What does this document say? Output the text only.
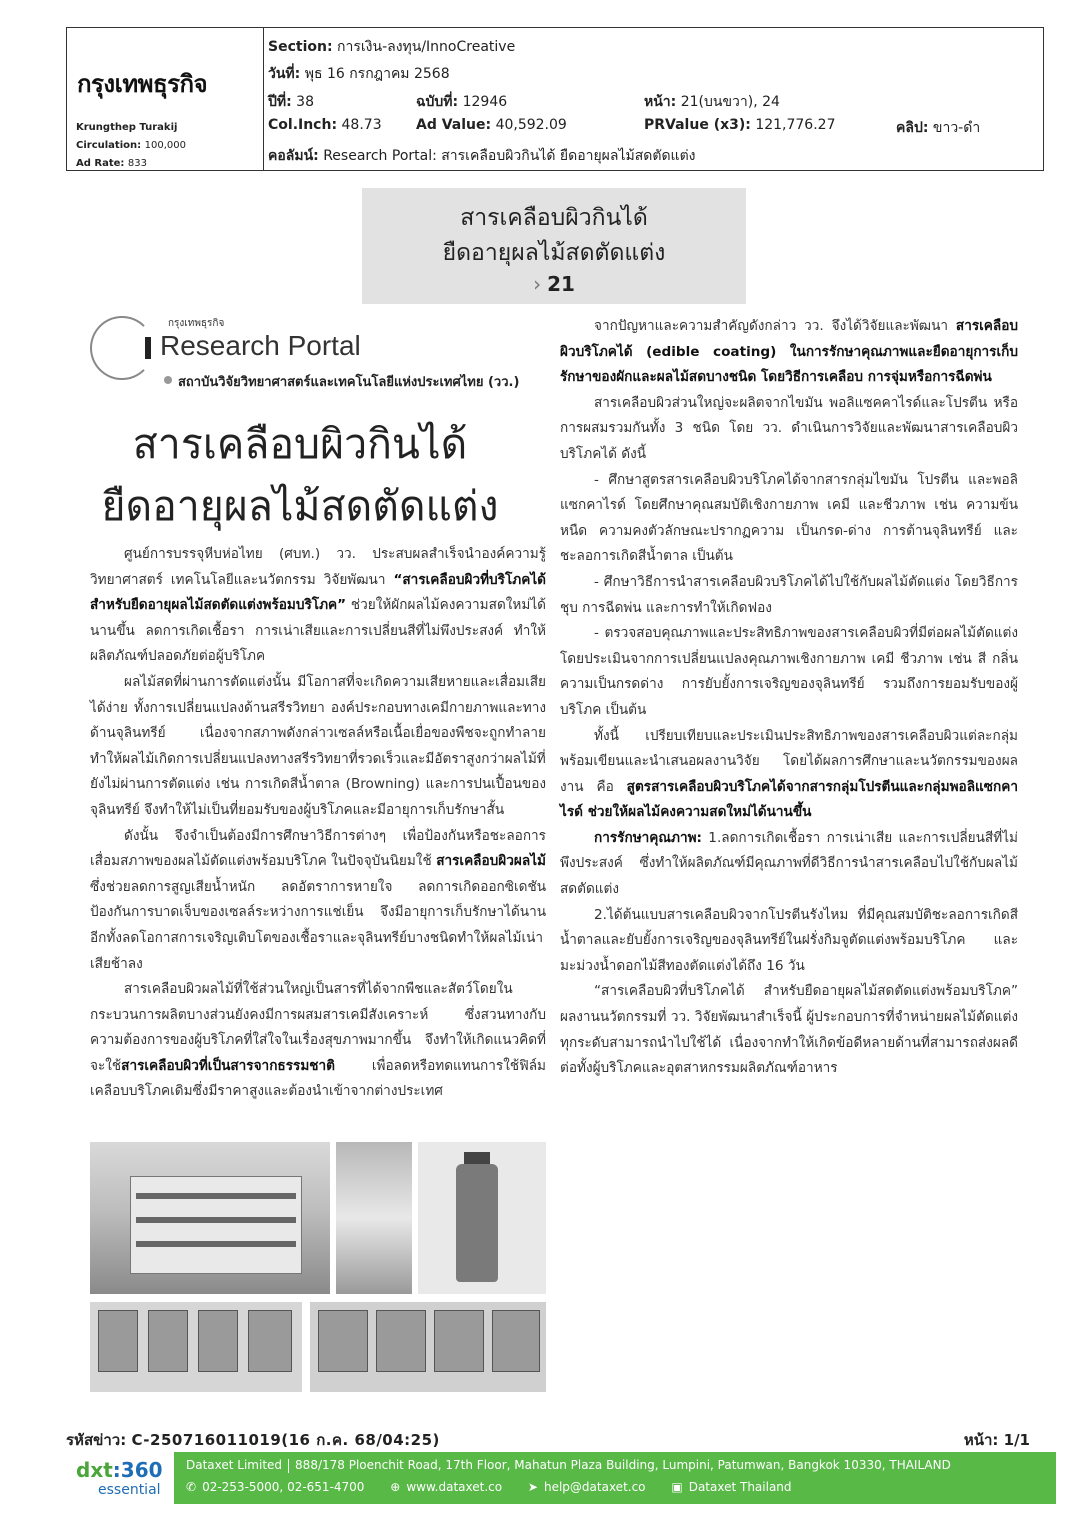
กรุงเทพธุรกิจ
Krungthep Turakij
Circulation: 100,000
Ad Rate: 833
Section: การเงิน-ลงทุน/InnoCreative
วันที่: พุธ 16 กรกฎาคม 2568
ปีที่: 38	ฉบับที่: 12946	หน้า: 21(บนขวา), 24
Col.Inch: 48.73 Ad Value: 40,592.09	PRValue (x3): 121,776.27	คลิป: ขาว-ดำ
คอลัมน์: Research Portal: สารเคลือบผิวกินได้ ยืดอายุผลไม้สดตัดแต่ง
สารเคลือบผิวกินได้
ยืดอายุผลไม้สดตัดแต่ง
› 21
กรุงเทพธุรกิจ
Research Portal
สถาบันวิจัยวิทยาศาสตร์และเทคโนโลยีแห่งประเทศไทย (วว.)
สารเคลือบผิวกินได้
ยืดอายุผลไม้สดตัดแต่ง

ศูนย์การบรรจุหีบห่อไทย (ศบท.) วว. ประสบผลสำเร็จนำองค์ความรู้วิทยาศาสตร์ เทคโนโลยีและนวัตกรรม วิจัยพัฒนา “สารเคลือบผิวที่บริโภคได้ สำหรับยืดอายุผลไม้สดตัดแต่งพร้อมบริโภค” ช่วยให้ผักผลไม้คงความสดใหม่ได้นานขึ้น ลดการเกิดเชื้อรา การเน่าเสียและการเปลี่ยนสีที่ไม่พึงประสงค์ ทำให้ผลิตภัณฑ์ปลอดภัยต่อผู้บริโภค

ผลไม้สดที่ผ่านการตัดแต่งนั้น มีโอกาสที่จะเกิดความเสียหายและเสื่อมเสียได้ง่าย ทั้งการเปลี่ยนแปลงด้านสรีรวิทยา องค์ประกอบทางเคมีกายภาพและทางด้านจุลินทรีย์ เนื่องจากสภาพดังกล่าวเซลล์หรือเนื้อเยื่อของพืชจะถูกทำลาย ทำให้ผลไม้เกิดการเปลี่ยนแปลงทางสรีรวิทยาที่รวดเร็วและมีอัตราสูงกว่าผลไม้ที่ยังไม่ผ่านการตัดแต่ง เช่น การเกิดสีน้ำตาล (Browning) และการปนเปื้อนของจุลินทรีย์ จึงทำให้ไม่เป็นที่ยอมรับของผู้บริโภคและมีอายุการเก็บรักษาสั้น

ดังนั้น จึงจำเป็นต้องมีการศึกษาวิธีการต่างๆ เพื่อป้องกันหรือชะลอการเสื่อมสภาพของผลไม้ตัดแต่งพร้อมบริโภค ในปัจจุบันนิยมใช้ สารเคลือบผิวผลไม้ ซึ่งช่วยลดการสูญเสียน้ำหนัก ลดอัตราการหายใจ ลดการเกิดออกซิเดชัน ป้องกันการบาดเจ็บของเซลล์ระหว่างการแช่เย็น จึงมีอายุการเก็บรักษาได้นาน อีกทั้งลดโอกาสการเจริญเติบโตของเชื้อราและจุลินทรีย์บางชนิดทำให้ผลไม้เน่าเสียช้าลง

สารเคลือบผิวผลไม้ที่ใช้ส่วนใหญ่เป็นสารที่ได้จากพืชและสัตว์โดยในกระบวนการผลิตบางส่วนยังคงมีการผสมสารเคมีสังเคราะห์ ซึ่งสวนทางกับความต้องการของผู้บริโภคที่ใส่ใจในเรื่องสุขภาพมากขึ้น จึงทำให้เกิดแนวคิดที่จะใช้สารเคลือบผิวที่เป็นสารจากธรรมชาติ เพื่อลดหรือทดแทนการใช้ฟิล์มเคลือบบริโภคเดิมซึ่งมีราคาสูงและต้องนำเข้าจากต่างประเทศ

จากปัญหาและความสำคัญดังกล่าว วว. จึงได้วิจัยและพัฒนา สารเคลือบผิวบริโภคได้ (edible coating) ในการรักษาคุณภาพและยืดอายุการเก็บรักษาของผักและผลไม้สดบางชนิด โดยวิธีการเคลือบ การจุ่มหรือการฉีดพ่น

สารเคลือบผิวส่วนใหญ่จะผลิตจากไขมัน พอลิแซคคาไรด์และโปรตีน หรือการผสมรวมกันทั้ง 3 ชนิด โดย วว. ดำเนินการวิจัยและพัฒนาสารเคลือบผิวบริโภคได้ ดังนี้

- ศึกษาสูตรสารเคลือบผิวบริโภคได้จากสารกลุ่มไขมัน โปรตีน และพอลิแซกคาไรด์ โดยศึกษาคุณสมบัติเชิงกายภาพ เคมี และชีวภาพ เช่น ความข้นหนืด ความคงตัวลักษณะปรากฏความ เป็นกรด-ด่าง การต้านจุลินทรีย์ และชะลอการเกิดสีน้ำตาล เป็นต้น

- ศึกษาวิธีการนำสารเคลือบผิวบริโภคได้ไปใช้กับผลไม้ตัดแต่ง โดยวิธีการชุบ การฉีดพ่น และการทำให้เกิดฟอง

- ตรวจสอบคุณภาพและประสิทธิภาพของสารเคลือบผิวที่มีต่อผลไม้ตัดแต่ง โดยประเมินจากการเปลี่ยนแปลงคุณภาพเชิงกายภาพ เคมี ชีวภาพ เช่น สี กลิ่น ความเป็นกรดด่าง การยับยั้งการเจริญของจุลินทรีย์ รวมถึงการยอมรับของผู้บริโภค เป็นต้น

ทั้งนี้ เปรียบเทียบและประเมินประสิทธิภาพของสารเคลือบผิวแต่ละกลุ่มพร้อมเขียนและนำเสนอผลงานวิจัย โดยได้ผลการศึกษาและนวัตกรรมของผลงาน คือ สูตรสารเคลือบผิวบริโภคได้จากสารกลุ่มโปรตีนและกลุ่มพอลิแซกคาไรด์ ช่วยให้ผลไม้คงความสดใหม่ได้นานขึ้น

การรักษาคุณภาพ: 1.ลดการเกิดเชื้อรา การเน่าเสีย และการเปลี่ยนสีที่ไม่พึงประสงค์ ซึ่งทำให้ผลิตภัณฑ์มีคุณภาพที่ดีวิธีการนำสารเคลือบไปใช้กับผลไม้สดตัดแต่ง

2.ได้ต้นแบบสารเคลือบผิวจากโปรตีนรังไหม ที่มีคุณสมบัติชะลอการเกิดสีน้ำตาลและยับยั้งการเจริญของจุลินทรีย์ในฝรั่งกิมจูตัดแต่งพร้อมบริโภค และมะม่วงน้ำดอกไม้สีทองตัดแต่งได้ถึง 16 วัน

“สารเคลือบผิวที่บริโภคได้ สำหรับยืดอายุผลไม้สดตัดแต่งพร้อมบริโภค” ผลงานนวัตกรรมที่ วว. วิจัยพัฒนาสำเร็จนี้ ผู้ประกอบการที่จำหน่ายผลไม้ตัดแต่งทุกระดับสามารถนำไปใช้ได้ เนื่องจากทำให้เกิดข้อดีหลายด้านที่สามารถส่งผลดีต่อทั้งผู้บริโภคและอุตสาหกรรมผลิตภัณฑ์อาหาร

รหัสข่าว: C-250716011019(16 ก.ค. 68/04:25)	หน้า: 1/1
dxt:360
essential
Dataxet Limited 888/178 Ploenchit Road, 17th Floor, Mahatun Plaza Building, Lumpini, Patumwan, Bangkok 10330, THAILAND
✆ 02-253-5000, 02-651-4700 ⊕ www.dataxet.co ➤ help@dataxet.co ▣ Dataxet Thailand
